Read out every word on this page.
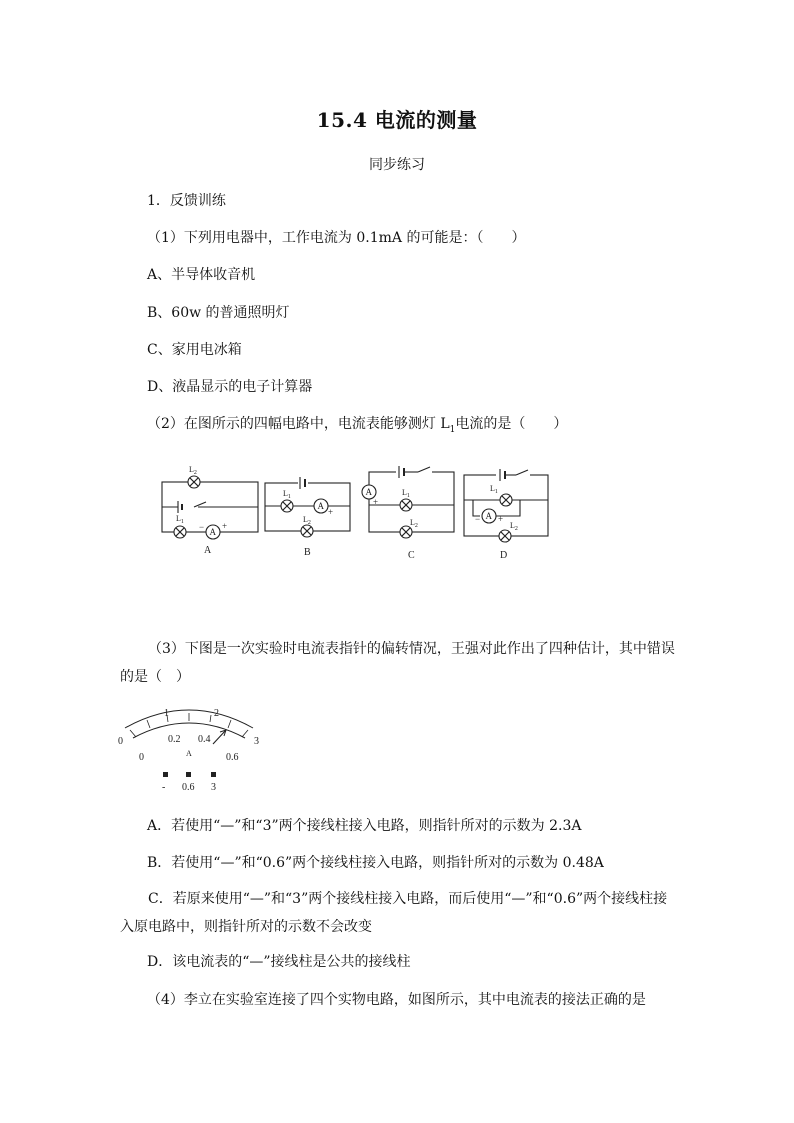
15.4 电流的测量
同步练习
1．反馈训练
（1）下列用电器中，工作电流为 0.1mA 的可能是：（　　）
A、半导体收音机
B、60w 的普通照明灯
C、家用电冰箱
D、液晶显示的电子计算器
（2）在图所示的四幅电路中，电流表能够测灯 $L_1$电流的是（　　）
$L_2$
$L_1$
A
− +
A
$L_1$
$L_2$
A
+
B
$L_1$
$L_2$
A
+
C
$L_1$
$L_2$
A
− +
D
（3）下图是一次实验时电流表指针的偏转情况，王强对此作出了四种估计，其中错误的是（　）
0
1	2
3
0
0.2 0.4
0.6
A
- 0.6 3
A．若使用“—”和“3”两个接线柱接入电路，则指针所对的示数为 2.3A
B．若使用“—”和“0.6”两个接线柱接入电路，则指针所对的示数为 0.48A
C．若原来使用“—”和“3”两个接线柱接入电路，而后使用“—”和“0.6”两个接线柱接入原电路中，则指针所对的示数不会改变
D．该电流表的“—”接线柱是公共的接线柱
（4）李立在实验室连接了四个实物电路，如图所示，其中电流表的接法正确的是
